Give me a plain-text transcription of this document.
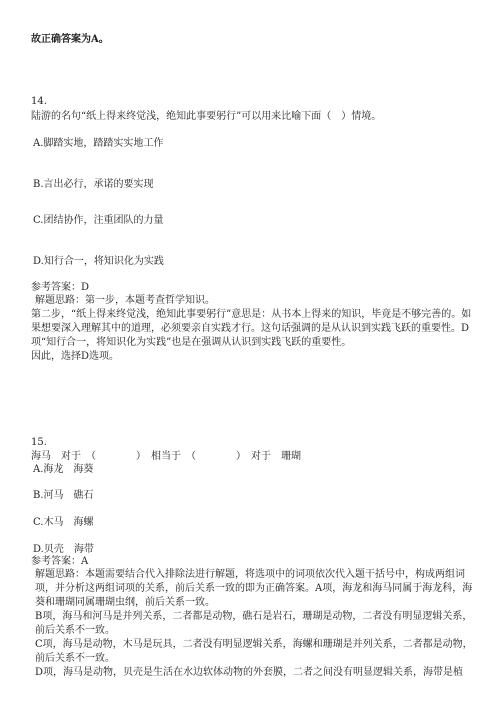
故正确答案为A。
14.
陆游的名句“纸上得来终觉浅，绝知此事要躬行”可以用来比喻下面（　）情境。
A.脚踏实地，踏踏实实地工作
B.言出必行，承诺的要实现
C.团结协作，注重团队的力量
D.知行合一，将知识化为实践
参考答案：D

解题思路：第一步，本题考查哲学知识。

第二步，“纸上得来终觉浅，绝知此事要躬行”意思是：从书本上得来的知识，毕竟是不够完善的。如果想要深入理解其中的道理，必须要亲自实践才行。这句话强调的是从认识到实践飞跃的重要性。D项“知行合一，将知识化为实践”也是在强调从认识到实践飞跃的重要性。

因此，选择D选项。

15.
海马　对于　（　　　　）　相当于　（　　　　）　对于　珊瑚
A.海龙　海葵
B.河马　礁石
C.木马　海螺
D.贝壳　海带
参考答案：A

解题思路：本题需要结合代入排除法进行解题，将选项中的词项依次代入题干括号中，构成两组词项，并分析这两组词项的关系，前后关系一致的即为正确答案。A项，海龙和海马同属于海龙科，海葵和珊瑚同属珊瑚虫纲，前后关系一致。

B项，海马和河马是并列关系，二者都是动物，礁石是岩石，珊瑚是动物，二者没有明显逻辑关系，前后关系不一致。

C项，海马是动物，木马是玩具，二者没有明显逻辑关系，海螺和珊瑚是并列关系，二者都是动物，前后关系不一致。

D项，海马是动物，贝壳是生活在水边软体动物的外套膜，二者之间没有明显逻辑关系，海带是植
